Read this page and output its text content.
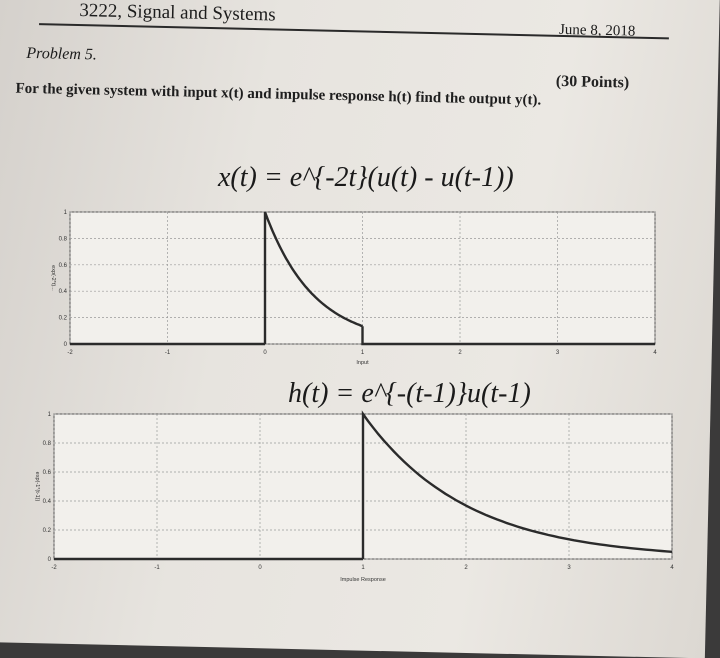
3222, Signal and Systems
June 8, 2018
Problem 5.
(30 Points)
For the given system with input x(t) and impulse response h(t) find the output y(t).
x(t) = e^{-2t}(u(t) - u(t-1))
-2	-1	0	1	2	3	4
0
0.2
0.4
0.6
0.8
1
exp(-2*t)...
Input
h(t) = e^{-(t-1)}u(t-1)
-2	-1	0	1	2	3	4
0
0.2
0.4
0.6
0.8
1
exp(-1*(t-1))
Impulse Response
